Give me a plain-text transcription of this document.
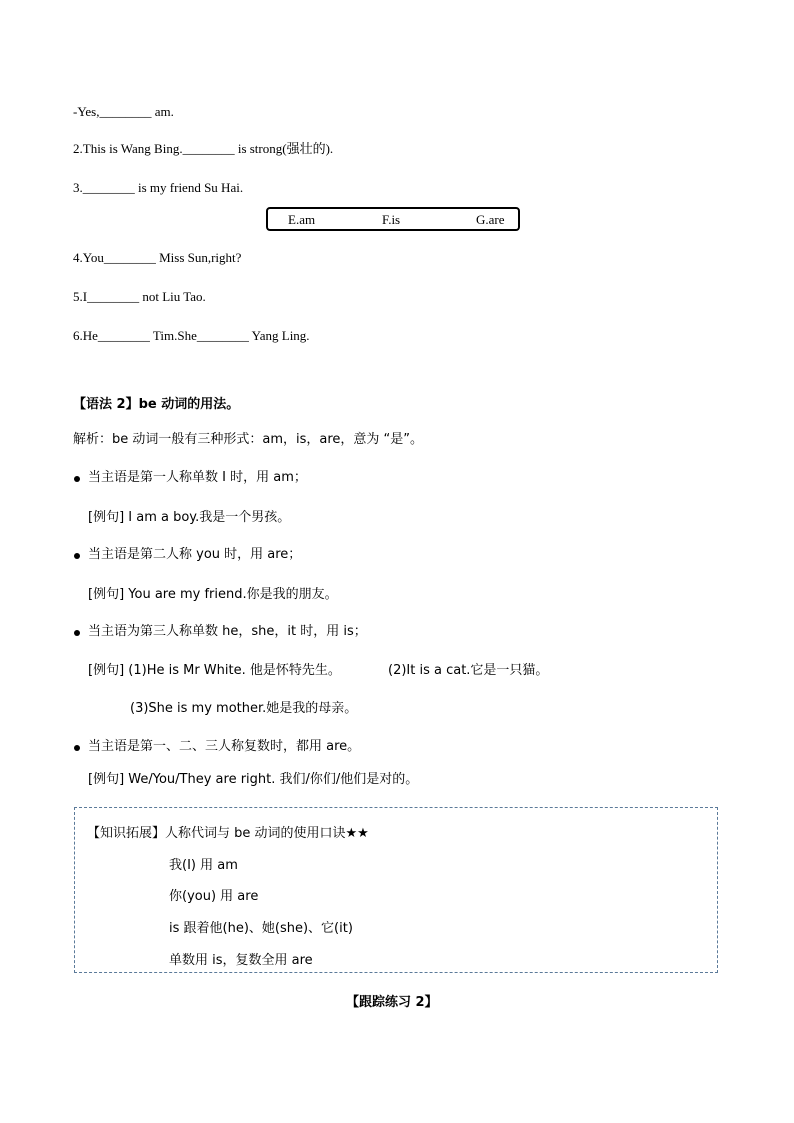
-Yes,________ am.
2.This is Wang Bing.________ is strong(强壮的).
3.________ is my friend Su Hai.
E.am	F.is	G.are
4.You________ Miss Sun,right?
5.I________ not Liu Tao.
6.He________ Tim.She________ Yang Ling.
【语法 2】be 动词的用法。
解析：be 动词一般有三种形式：am，is，are，意为 “是”。
当主语是第一人称单数 I 时，用 am；
[例句] I am a boy.我是一个男孩。
当主语是第二人称 you 时，用 are；
[例句] You are my friend.你是我的朋友。
当主语为第三人称单数 he，she，it 时，用 is；
[例句] (1)He is Mr White. 他是怀特先生。	(2)It is a cat.它是一只猫。
(3)She is my mother.她是我的母亲。
当主语是第一、二、三人称复数时，都用 are。
[例句] We/You/They are right. 我们/你们/他们是对的。
【知识拓展】人称代词与 be 动词的使用口诀★★
我(I) 用 am
你(you) 用 are
is 跟着他(he)、她(she)、它(it)
单数用 is，复数全用 are
【跟踪练习 2】
